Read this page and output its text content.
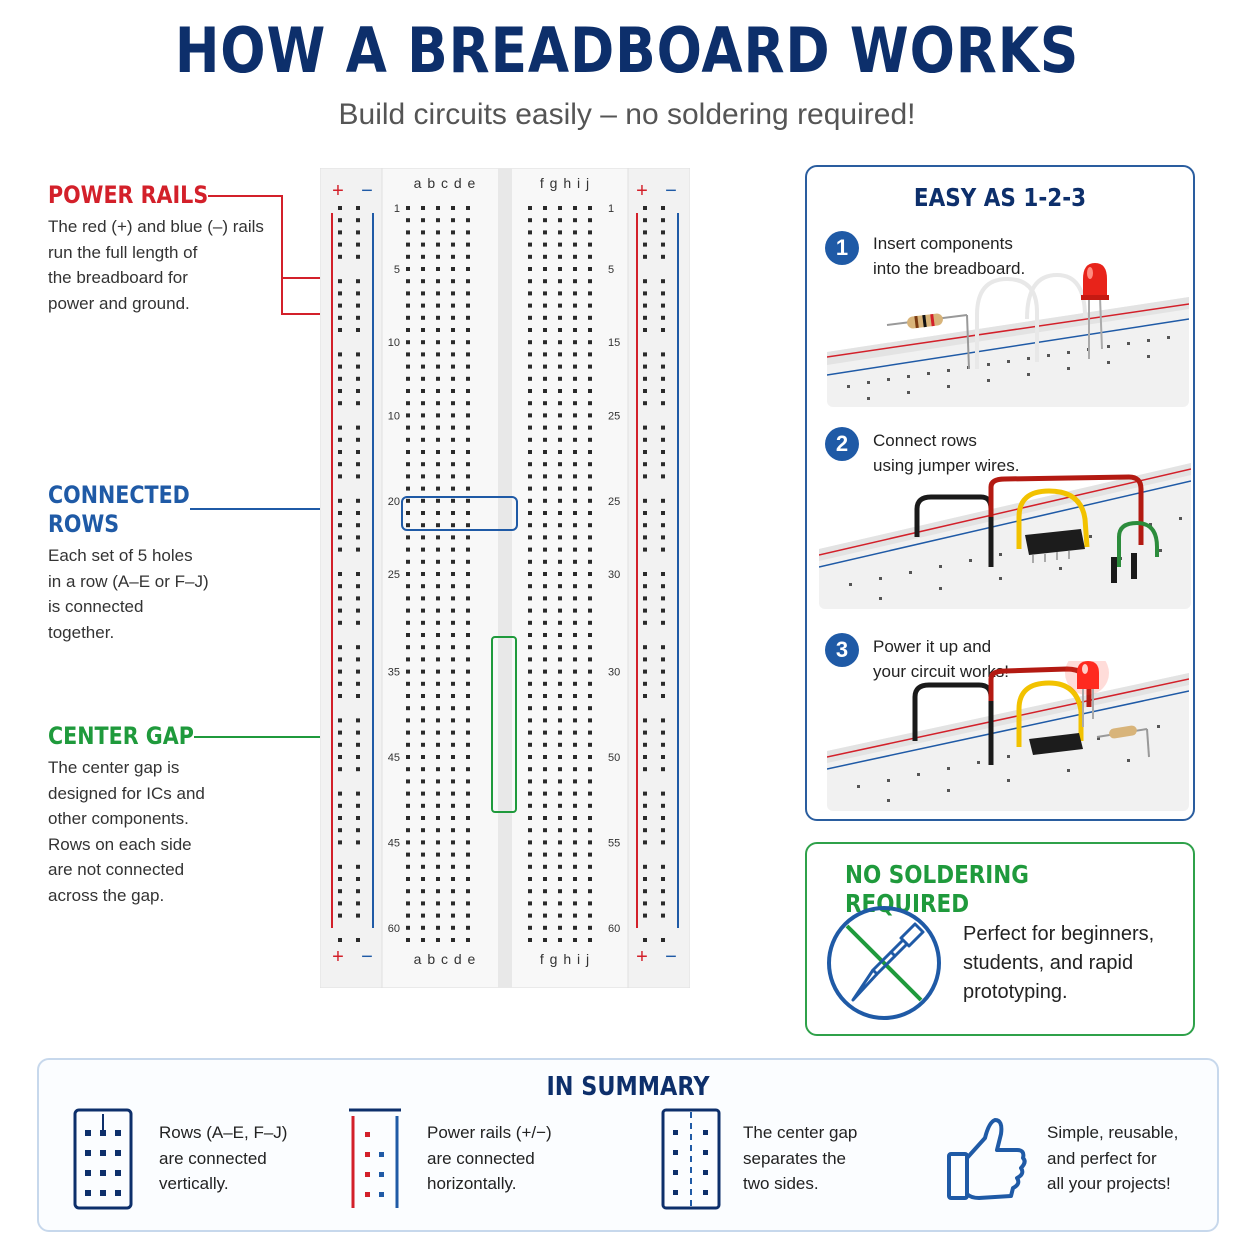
HOW A BREADBOARD WORKS
Build circuits easily – no soldering required!
POWER RAILS
The red (+) and blue (–) rails
run the full length of
the breadboard for
power and ground.
CONNECTED
ROWS
Each set of 5 holes
in a row (A–E or F–J)
is connected
together.
CENTER GAP
The center gap is
designed for ICs and
other components.
Rows on each side
are not connected
across the gap.
1	1
5	5
10	15
10	25
20	25
25	30
35	30
45	50
45	55
60	60
+ −	+ −
+ −	+ −
a b c d e	f g h i j
a b c d e	f g h i j
EASY AS 1-2-3
1	Insert components
into the breadboard.
2	Connect rows
using jumper wires.
3	Power it up and
your circuit works!
NO SOLDERING REQUIRED
Perfect for beginners,
students, and rapid
prototyping.
IN SUMMARY
Rows (A–E, F–J)
are connected
vertically.
Power rails (+/−)
are connected
horizontally.
The center gap
separates the
two sides.
Simple, reusable,
and perfect for
all your projects!
